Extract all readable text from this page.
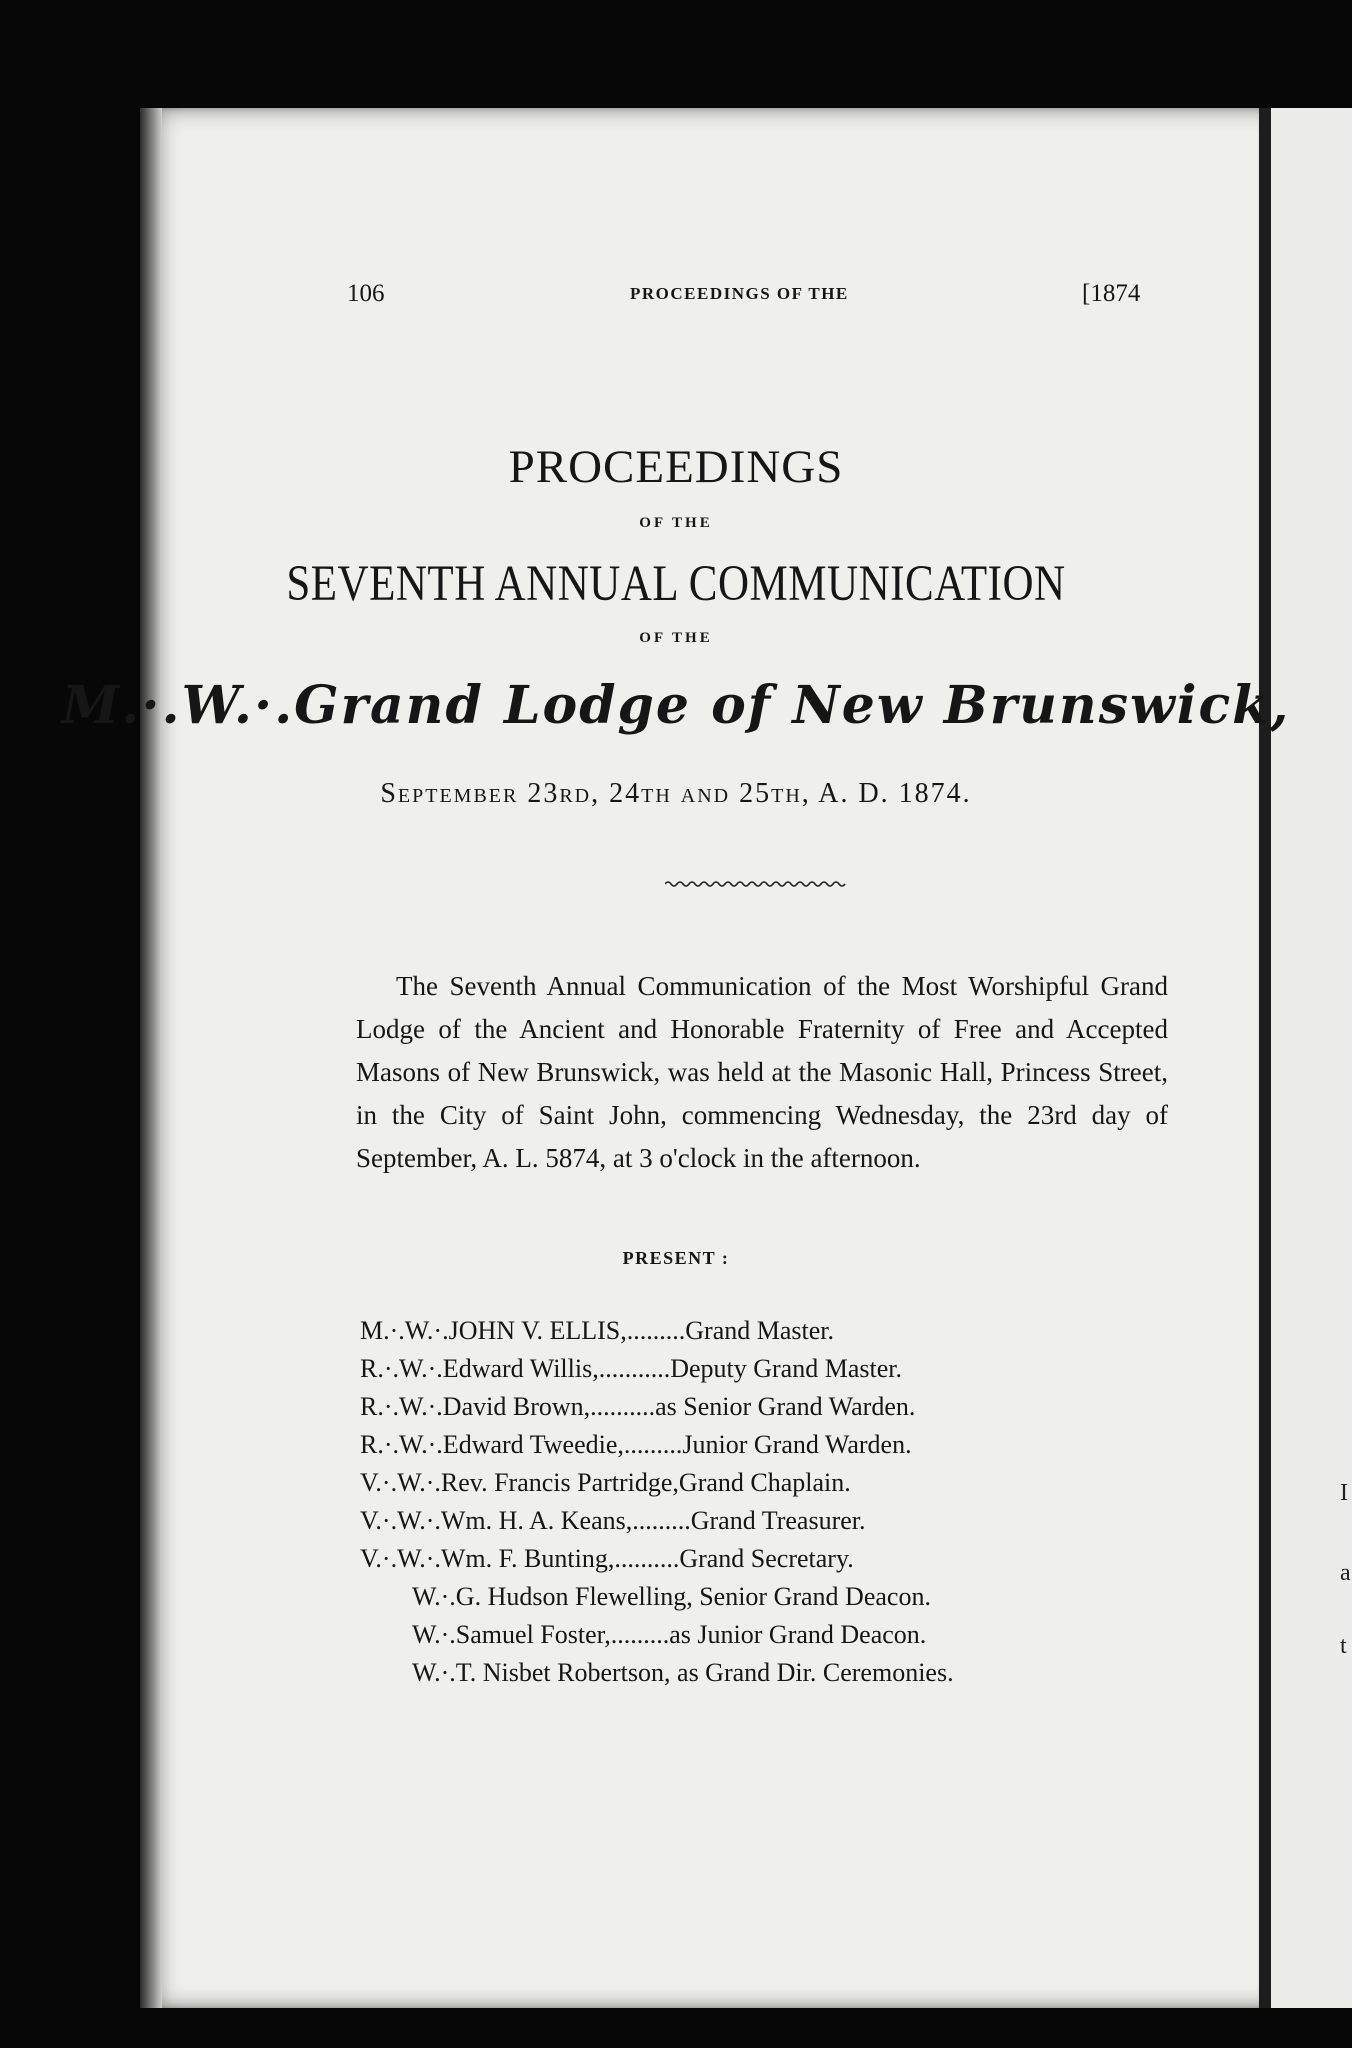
I
a
t
106	PROCEEDINGS OF THE	[1874
PROCEEDINGS
OF THE
SEVENTH ANNUAL COMMUNICATION
OF THE
M.·.W.·.Grand Lodge of New Brunswick,
September 23rd, 24th and 25th, A. D. 1874.

The Seventh Annual Communication of the Most Worshipful Grand Lodge of the Ancient and Honorable Fraternity of Free and Accepted Masons of New Brunswick, was held at the Masonic Hall, Princess Street, in the City of Saint John, commencing Wednesday, the 23rd day of September, A. L. 5874, at 3 o'clock in the afternoon.

PRESENT :
M.·.W.·.JOHN V. ELLIS,.........Grand Master.
R.·.W.·.Edward Willis,...........Deputy Grand Master.
R.·.W.·.David Brown,..........as Senior Grand Warden.
R.·.W.·.Edward Tweedie,.........Junior Grand Warden.
V.·.W.·.Rev. Francis Partridge,Grand Chaplain.
V.·.W.·.Wm. H. A. Keans,.........Grand Treasurer.
V.·.W.·.Wm. F. Bunting,..........Grand Secretary.
W.·.G. Hudson Flewelling, Senior Grand Deacon.
W.·.Samuel Foster,.........as Junior Grand Deacon.
W.·.T. Nisbet Robertson, as Grand Dir. Ceremonies.
